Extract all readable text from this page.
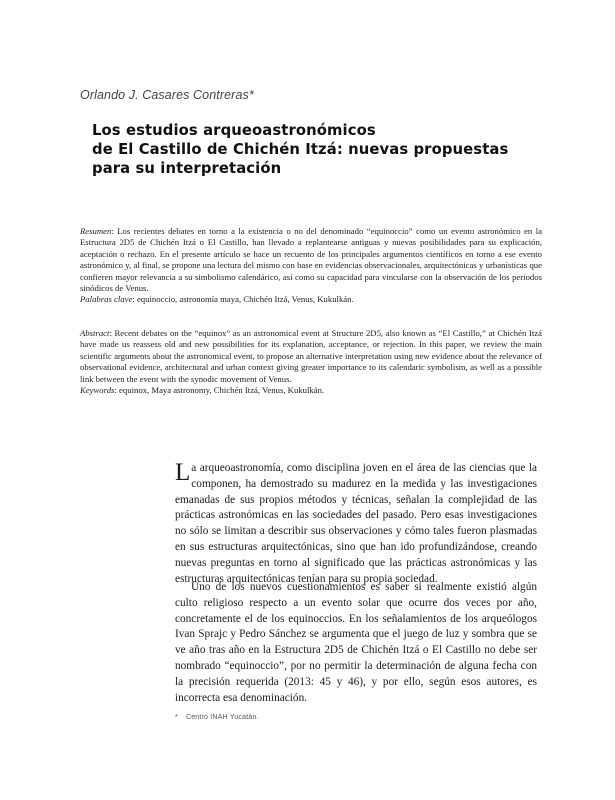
Orlando J. Casares Contreras*
Los estudios arqueoastronómicos
de El Castillo de Chichén Itzá: nuevas propuestas
para su interpretación
Resumen: Los recientes debates en torno a la existencia o no del denominado “equinoccio” como un evento astronómico en la Estructura 2D5 de Chichén Itzá o El Castillo, han llevado a replantearse antiguas y nuevas posibilidades para su explicación, aceptación o rechazo. En el presente artículo se hace un recuento de los principales argumentos científicos en torno a ese evento astronómico y, al final, se propone una lectura del mismo con base en evidencias observacionales, arquitectónicas y urbanísticas que confieren mayor relevancia a su simbolismo calendárico, así como su capacidad para vincularse con la observación de los periodos sinódicos de Venus.
Palabras clave: equinoccio, astronomía maya, Chichén Itzá, Venus, Kukulkán.
Abstract: Recent debates on the “equinox” as an astronomical event at Structure 2D5, also known as “El Castillo,” at Chichén Itzá have made us reassess old and new possibilities for its explanation, acceptance, or rejection. In this paper, we review the main scientific arguments about the astronomical event, to propose an alternative interpretation using new evidence about the relevance of observational evidence, architectural and urban context giving greater importance to its calendaric symbolism, as well as a possible link between the event with the synodic movement of Venus.
Keywords: equinox, Maya astronomy, Chichén Itzá, Venus, Kukulkán.
La arqueoastronomía, como disciplina joven en el área de las ciencias que la componen, ha demostrado su madurez en la medida y las investigaciones emanadas de sus propios métodos y técnicas, señalan la complejidad de las prácticas astronómicas en las sociedades del pasado. Pero esas investigaciones no sólo se limitan a describir sus observaciones y cómo tales fueron plasmadas en sus estructuras arquitectónicas, sino que han ido profundizándose, creando nuevas preguntas en torno al significado que las prácticas astronómicas y las estructuras arquitectónicas tenían para su propia sociedad.
Uno de los nuevos cuestionamientos es saber si realmente existió algún culto religioso respecto a un evento solar que ocurre dos veces por año, concretamente el de los equinoccios. En los señalamientos de los arqueólogos Ivan Sprajc y Pedro Sánchez se argumenta que el juego de luz y sombra que se ve año tras año en la Estructura 2D5 de Chichén Itzá o El Castillo no debe ser nombrado “equinoccio”, por no permitir la determinación de alguna fecha con la precisión requerida (2013: 45 y 46), y por ello, según esos autores, es incorrecta esa denominación.
* Centro INAH Yucatán.
